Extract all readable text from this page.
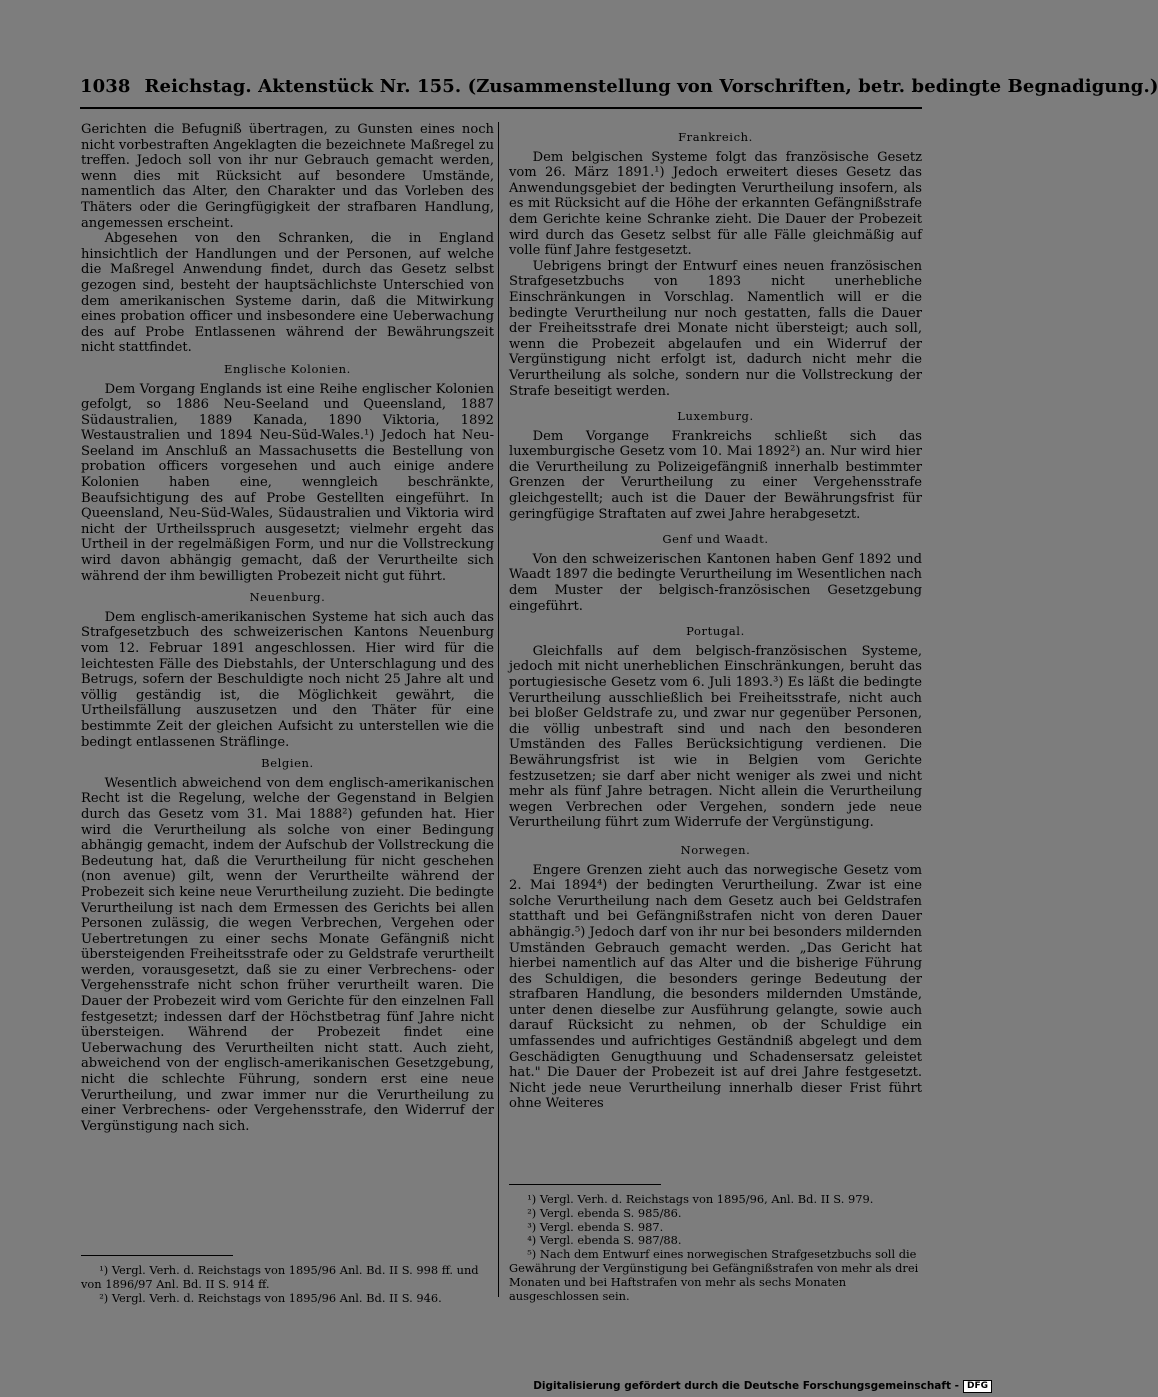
1038 Reichstag. Aktenstück Nr. 155. (Zusammenstellung von Vorschriften, betr. bedingte Begnadigung.)

Gerichten die Befugniß übertragen, zu Gunsten eines noch nicht vorbestraften Angeklagten die bezeichnete Maßregel zu treffen. Jedoch soll von ihr nur Gebrauch gemacht werden, wenn dies mit Rücksicht auf besondere Umstände, namentlich das Alter, den Charakter und das Vorleben des Thäters oder die Geringfügigkeit der strafbaren Handlung, angemessen erscheint.

Abgesehen von den Schranken, die in England hinsichtlich der Handlungen und der Personen, auf welche die Maßregel Anwendung findet, durch das Gesetz selbst gezogen sind, besteht der hauptsächlichste Unterschied von dem amerikanischen Systeme darin, daß die Mitwirkung eines probation officer und insbesondere eine Ueberwachung des auf Probe Entlassenen während der Bewährungszeit nicht stattfindet.

Englische Kolonien.

Dem Vorgang Englands ist eine Reihe englischer Kolonien gefolgt, so 1886 Neu-Seeland und Queensland, 1887 Südaustralien, 1889 Kanada, 1890 Viktoria, 1892 Westaustralien und 1894 Neu-Süd-Wales.¹) Jedoch hat Neu-Seeland im Anschluß an Massachusetts die Bestellung von probation officers vorgesehen und auch einige andere Kolonien haben eine, wenngleich beschränkte, Beaufsichtigung des auf Probe Gestellten eingeführt. In Queensland, Neu-Süd-Wales, Südaustralien und Viktoria wird nicht der Urtheilsspruch ausgesetzt; vielmehr ergeht das Urtheil in der regelmäßigen Form, und nur die Vollstreckung wird davon abhängig gemacht, daß der Verurtheilte sich während der ihm bewilligten Probezeit nicht gut führt.

Neuenburg.

Dem englisch-amerikanischen Systeme hat sich auch das Strafgesetzbuch des schweizerischen Kantons Neuenburg vom 12. Februar 1891 angeschlossen. Hier wird für die leichtesten Fälle des Diebstahls, der Unterschlagung und des Betrugs, sofern der Beschuldigte noch nicht 25 Jahre alt und völlig geständig ist, die Möglichkeit gewährt, die Urtheilsfällung auszusetzen und den Thäter für eine bestimmte Zeit der gleichen Aufsicht zu unterstellen wie die bedingt entlassenen Sträflinge.

Belgien.

Wesentlich abweichend von dem englisch-amerikanischen Recht ist die Regelung, welche der Gegenstand in Belgien durch das Gesetz vom 31. Mai 1888²) gefunden hat. Hier wird die Verurtheilung als solche von einer Bedingung abhängig gemacht, indem der Aufschub der Vollstreckung die Bedeutung hat, daß die Verurtheilung für nicht geschehen (non avenue) gilt, wenn der Verurtheilte während der Probezeit sich keine neue Verurtheilung zuzieht. Die bedingte Verurtheilung ist nach dem Ermessen des Gerichts bei allen Personen zulässig, die wegen Verbrechen, Vergehen oder Uebertretungen zu einer sechs Monate Gefängniß nicht übersteigenden Freiheitsstrafe oder zu Geldstrafe verurtheilt werden, vorausgesetzt, daß sie zu einer Verbrechens- oder Vergehensstrafe nicht schon früher verurtheilt waren. Die Dauer der Probezeit wird vom Gerichte für den einzelnen Fall festgesetzt; indessen darf der Höchstbetrag fünf Jahre nicht übersteigen. Während der Probezeit findet eine Ueberwachung des Verurtheilten nicht statt. Auch zieht, abweichend von der englisch-amerikanischen Gesetzgebung, nicht die schlechte Führung, sondern erst eine neue Verurtheilung, und zwar immer nur die Verurtheilung zu einer Verbrechens- oder Vergehensstrafe, den Widerruf der Vergünstigung nach sich.

Frankreich.

Dem belgischen Systeme folgt das französische Gesetz vom 26. März 1891.¹) Jedoch erweitert dieses Gesetz das Anwendungsgebiet der bedingten Verurtheilung insofern, als es mit Rücksicht auf die Höhe der erkannten Gefängnißstrafe dem Gerichte keine Schranke zieht. Die Dauer der Probezeit wird durch das Gesetz selbst für alle Fälle gleichmäßig auf volle fünf Jahre festgesetzt.

Uebrigens bringt der Entwurf eines neuen französischen Strafgesetzbuchs von 1893 nicht unerhebliche Einschränkungen in Vorschlag. Namentlich will er die bedingte Verurtheilung nur noch gestatten, falls die Dauer der Freiheitsstrafe drei Monate nicht übersteigt; auch soll, wenn die Probezeit abgelaufen und ein Widerruf der Vergünstigung nicht erfolgt ist, dadurch nicht mehr die Verurtheilung als solche, sondern nur die Vollstreckung der Strafe beseitigt werden.

Luxemburg.

Dem Vorgange Frankreichs schließt sich das luxemburgische Gesetz vom 10. Mai 1892²) an. Nur wird hier die Verurtheilung zu Polizeigefängniß innerhalb bestimmter Grenzen der Verurtheilung zu einer Vergehensstrafe gleichgestellt; auch ist die Dauer der Bewährungsfrist für geringfügige Straftaten auf zwei Jahre herabgesetzt.

Genf und Waadt.

Von den schweizerischen Kantonen haben Genf 1892 und Waadt 1897 die bedingte Verurtheilung im Wesentlichen nach dem Muster der belgisch-französischen Gesetzgebung eingeführt.

Portugal.

Gleichfalls auf dem belgisch-französischen Systeme, jedoch mit nicht unerheblichen Einschränkungen, beruht das portugiesische Gesetz vom 6. Juli 1893.³) Es läßt die bedingte Verurtheilung ausschließlich bei Freiheitsstrafe, nicht auch bei bloßer Geldstrafe zu, und zwar nur gegenüber Personen, die völlig unbestraft sind und nach den besonderen Umständen des Falles Berücksichtigung verdienen. Die Bewährungsfrist ist wie in Belgien vom Gerichte festzusetzen; sie darf aber nicht weniger als zwei und nicht mehr als fünf Jahre betragen. Nicht allein die Verurtheilung wegen Verbrechen oder Vergehen, sondern jede neue Verurtheilung führt zum Widerrufe der Vergünstigung.

Norwegen.

Engere Grenzen zieht auch das norwegische Gesetz vom 2. Mai 1894⁴) der bedingten Verurtheilung. Zwar ist eine solche Verurtheilung nach dem Gesetz auch bei Geldstrafen statthaft und bei Gefängnißstrafen nicht von deren Dauer abhängig.⁵) Jedoch darf von ihr nur bei besonders mildernden Umständen Gebrauch gemacht werden. „Das Gericht hat hierbei namentlich auf das Alter und die bisherige Führung des Schuldigen, die besonders geringe Bedeutung der strafbaren Handlung, die besonders mildernden Umstände, unter denen dieselbe zur Ausführung gelangte, sowie auch darauf Rücksicht zu nehmen, ob der Schuldige ein umfassendes und aufrichtiges Geständniß abgelegt und dem Geschädigten Genugthuung und Schadensersatz geleistet hat." Die Dauer der Probezeit ist auf drei Jahre festgesetzt. Nicht jede neue Verurtheilung innerhalb dieser Frist führt ohne Weiteres

¹) Vergl. Verh. d. Reichstags von 1895/96 Anl. Bd. II S. 998 ff. und von 1896/97 Anl. Bd. II S. 914 ff.

²) Vergl. Verh. d. Reichstags von 1895/96 Anl. Bd. II S. 946.

¹) Vergl. Verh. d. Reichstags von 1895/96, Anl. Bd. II S. 979.

²) Vergl. ebenda S. 985/86.

³) Vergl. ebenda S. 987.

⁴) Vergl. ebenda S. 987/88.

⁵) Nach dem Entwurf eines norwegischen Strafgesetzbuchs soll die Gewährung der Vergünstigung bei Gefängnißstrafen von mehr als drei Monaten und bei Haftstrafen von mehr als sechs Monaten ausgeschlossen sein.

Digitalisierung gefördert durch die Deutsche Forschungsgemeinschaft - DFG
